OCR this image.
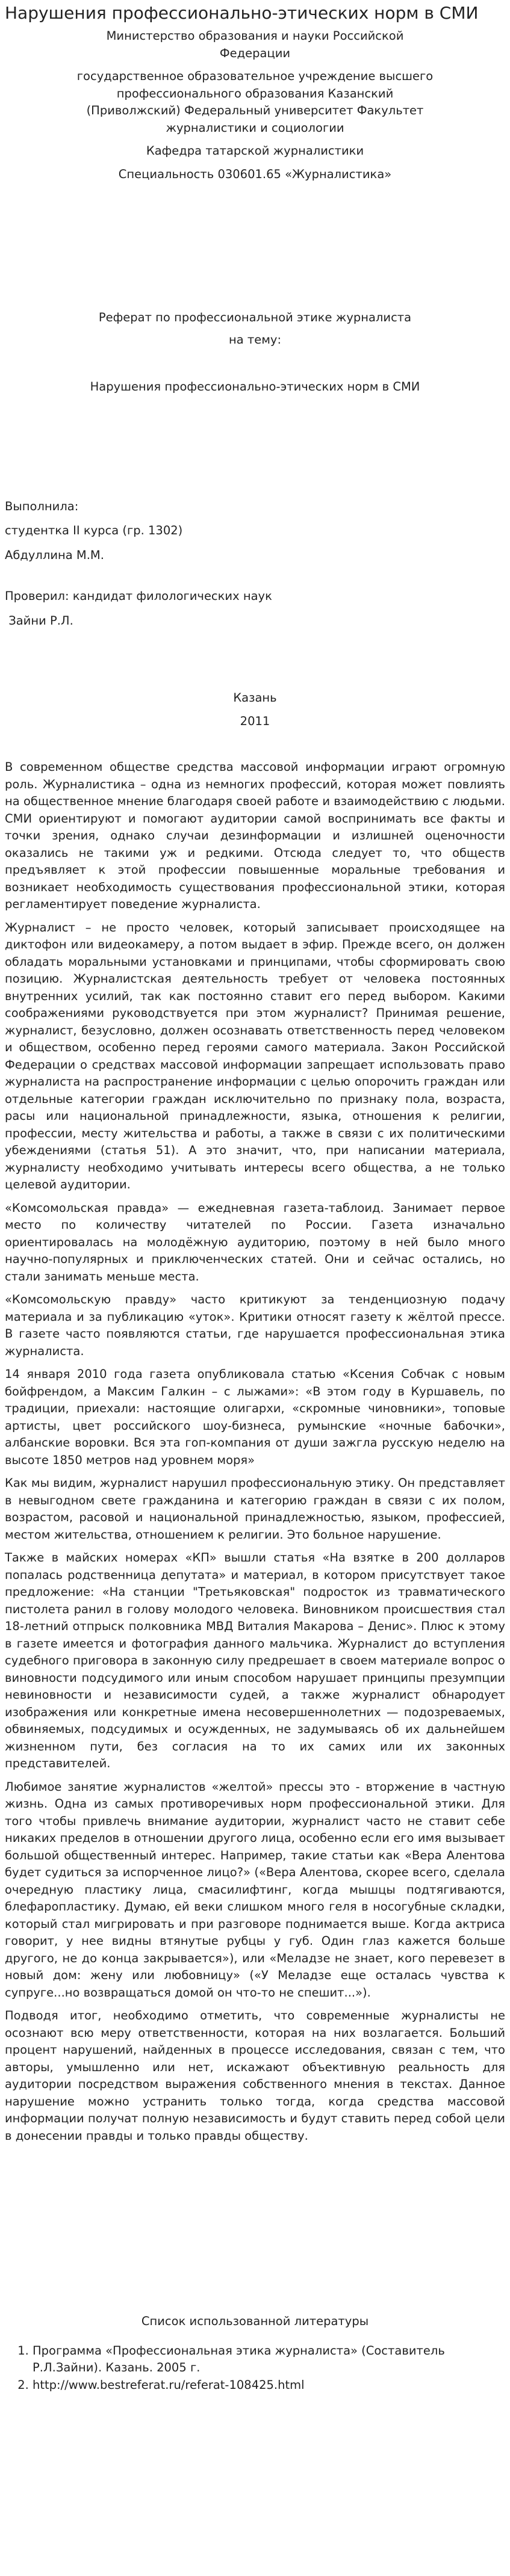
Нарушения профессионально-этических норм в СМИ

Министерство образования и науки Российской Федерации

государственное образовательное учреждение высшего профессионального образования Казанский (Приволжский) Федеральный университет Факультет журналистики и социологии

Кафедра татарской журналистики

Специальность 030601.65 «Журналистика»

Реферат по профессиональной этике журналиста

на тему:

Нарушения профессионально-этических норм в СМИ

Выполнила:

студентка II курса (гр. 1302)

Абдуллина М.М.

Проверил: кандидат филологических наук

Зайни Р.Л.

Казань

2011

В современном обществе средства массовой информации играют огромную роль. Журналистика – одна из немногих профессий, которая может повлиять на общественное мнение благодаря своей работе и взаимодействию с людьми. СМИ ориентируют и помогают аудитории самой воспринимать все факты и точки зрения, однако случаи дезинформации и излишней оценочности оказались не такими уж и редкими. Отсюда следует то, что обществ предъявляет к этой профессии повышенные моральные требования и возникает необходимость существования профессиональной этики, которая регламентирует поведение журналиста.

Журналист – не просто человек, который записывает происходящее на диктофон или видеокамеру, а потом выдает в эфир. Прежде всего, он должен обладать моральными установками и принципами, чтобы сформировать свою позицию. Журналистская деятельность требует от человека постоянных внутренних усилий, так как постоянно ставит его перед выбором. Какими соображениями руководствуется при этом журналист? Принимая решение, журналист, безусловно, должен осознавать ответственность перед человеком и обществом, особенно перед героями самого материала. Закон Российской Федерации о средствах массовой информации запрещает использовать право журналиста на распространение информации с целью опорочить граждан или отдельные категории граждан исключительно по признаку пола, возраста, расы или национальной принадлежности, языка, отношения к религии, профессии, месту жительства и работы, а также в связи с их политическими убеждениями (статья 51). А это значит, что, при написании материала, журналисту необходимо учитывать интересы всего общества, а не только целевой аудитории.

«Комсомольская правда» — ежедневная газета-таблоид. Занимает первое место по количеству читателей по России. Газета изначально ориентировалась на молодёжную аудиторию, поэтому в ней было много научно-популярных и приключенческих статей. Они и сейчас остались, но стали занимать меньше места.

«Комсомольскую правду» часто критикуют за тенденциозную подачу материала и за публикацию «уток». Критики относят газету к жёлтой прессе. В газете часто появляются статьи, где нарушается профессиональная этика журналиста.

14 января 2010 года газета опубликовала статью «Ксения Собчак с новым бойфрендом, а Максим Галкин – с лыжами»: «В этом году в Куршавель, по традиции, приехали: настоящие олигархи, «скромные чиновники», топовые артисты, цвет российского шоу-бизнеса, румынские «ночные бабочки», албанские воровки. Вся эта гоп-компания от души зажгла русскую неделю на высоте 1850 метров над уровнем моря»

Как мы видим, журналист нарушил профессиональную этику. Он представляет в невыгодном свете гражданина и категорию граждан в связи с их полом, возрастом, расовой и национальной принадлежностью, языком, профессией, местом жительства, отношением к религии. Это больное нарушение.

Также в майских номерах «КП» вышли статья «На взятке в 200 долларов попалась родственница депутата» и материал, в котором присутствует такое предложение: «На станции "Третьяковская" подросток из травматического пистолета ранил в голову молодого человека. Виновником происшествия стал 18-летний отпрыск полковника МВД Виталия Макарова – Денис». Плюс к этому в газете имеется и фотография данного мальчика. Журналист до вступления судебного приговора в законную силу предрешает в своем материале вопрос о виновности подсудимого или иным способом нарушает принципы презумпции невиновности и независимости судей, а также журналист обнародует изображения или конкретные имена несовершеннолетних — подозреваемых, обвиняемых, подсудимых и осужденных, не задумываясь об их дальнейшем жизненном пути, без согласия на то их самих или их законных представителей.

Любимое занятие журналистов «желтой» прессы это - вторжение в частную жизнь. Одна из самых противоречивых норм профессиональной этики. Для того чтобы привлечь внимание аудитории, журналист часто не ставит себе никаких пределов в отношении другого лица, особенно если его имя вызывает большой общественный интерес. Например, такие статьи как «Вера Алентова будет судиться за испорченное лицо?» («Вера Алентова, скорее всего, сделала очередную пластику лица, смасилифтинг, когда мышцы подтягиваются, блефаропластику. Думаю, ей веки слишком много геля в носогубные складки, который стал мигрировать и при разговоре поднимается выше. Когда актриса говорит, у нее видны втянутые рубцы у губ. Один глаз кажется больше другого, не до конца закрывается»), или «Меладзе не знает, кого перевезет в новый дом: жену или любовницу» («У Меладзе еще осталась чувства к супруге...но возвращаться домой он что-то не спешит...»).

Подводя итог, необходимо отметить, что современные журналисты не осознают всю меру ответственности, которая на них возлагается. Больший процент нарушений, найденных в процессе исследования, связан с тем, что авторы, умышленно или нет, искажают объективную реальность для аудитории посредством выражения собственного мнения в текстах. Данное нарушение можно устранить только тогда, когда средства массовой информации получат полную независимость и будут ставить перед собой цели в донесении правды и только правды обществу.

Список использованной литературы

1. Программа «Профессиональная этика журналиста» (Составитель Р.Л.Зайни). Казань. 2005 г.
2. http://www.bestreferat.ru/referat-108425.html
